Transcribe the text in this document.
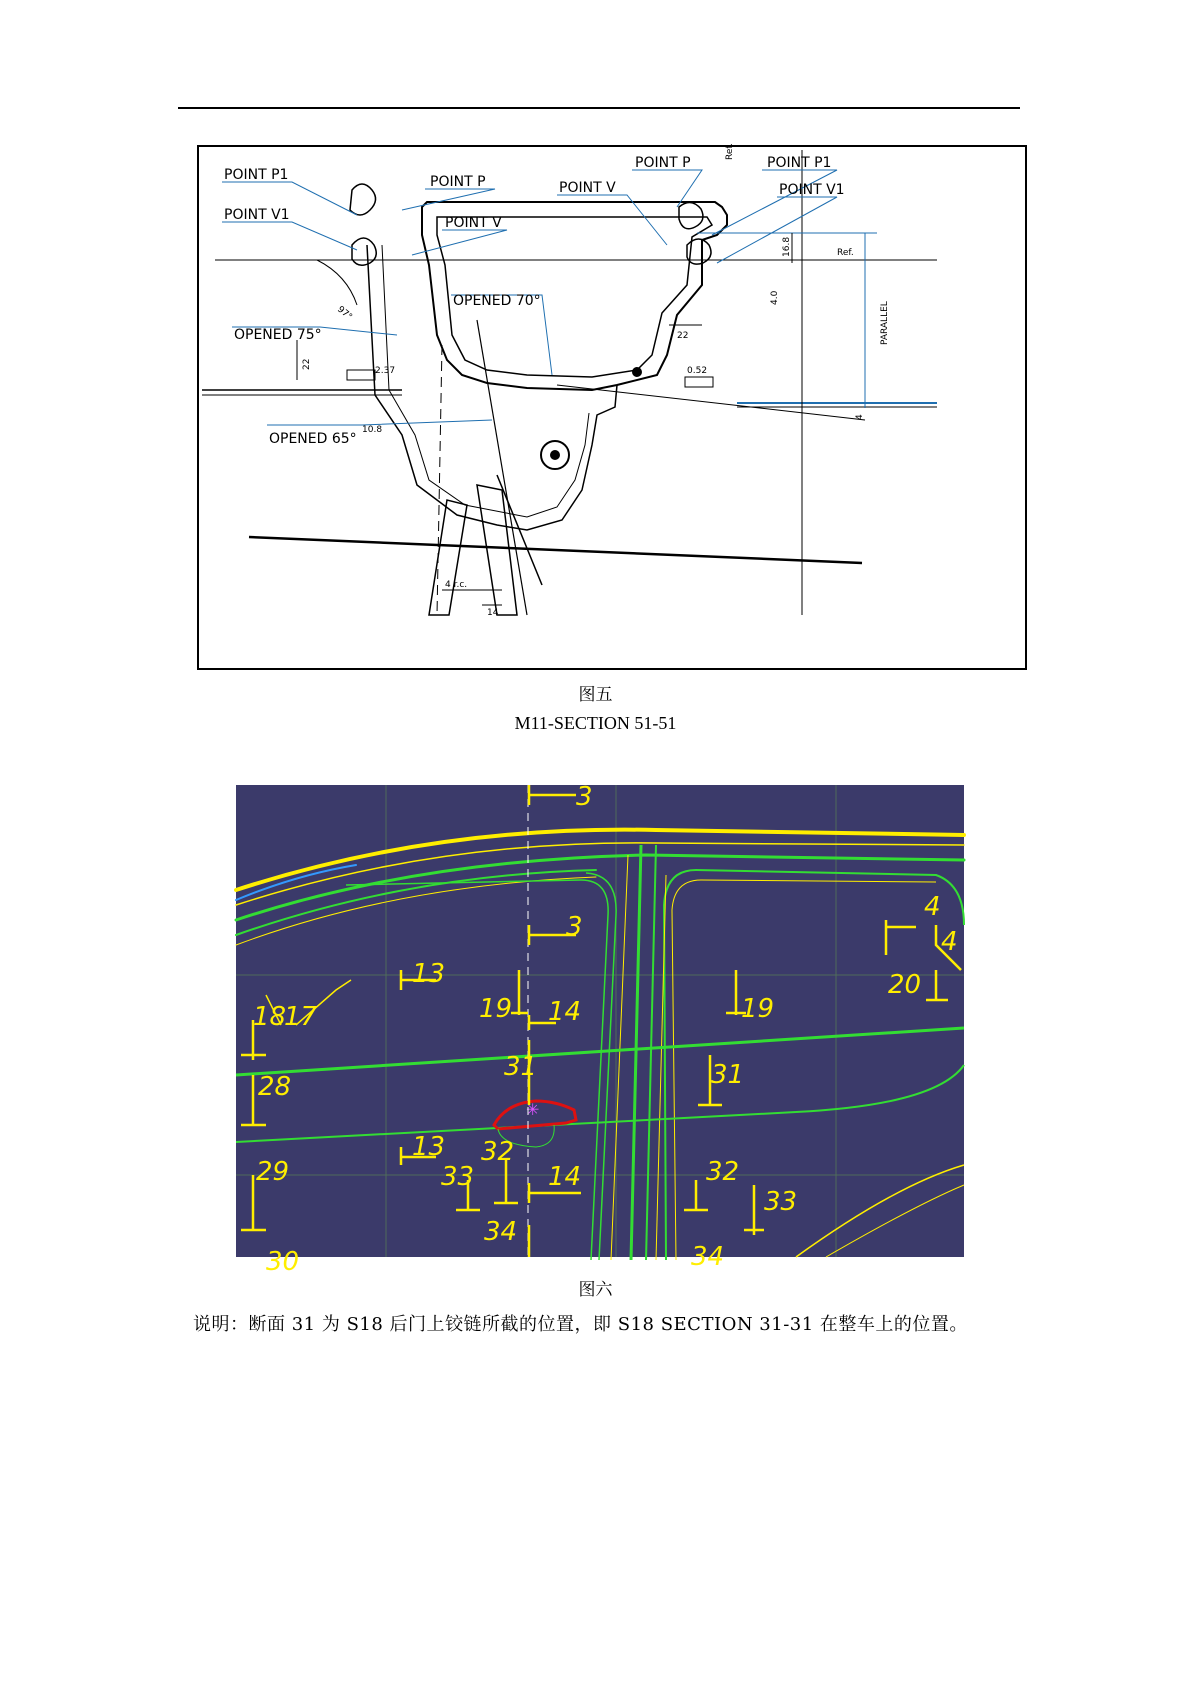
POINT P1	POINT P
POINT V1	POINT V
POINT P	POINT P1
POINT V	POINT V1
OPENED 70°
OPENED 75°
OPENED 65°
Ref.
Ref.
PARALLEL
22
22
16.8
4
4.0
97°
10.8
2.37	0.52
4 r.c.
14
图五
M11-SECTION 51-51
✳
3
3
4
4
13
13
14
14
17
18	19	19
20
28
29
31	31
32
32
33
33
34
34
30
图六
说明：断面 31 为 S18 后门上铰链所截的位置，即 S18 SECTION 31-31 在整车上的位置。
